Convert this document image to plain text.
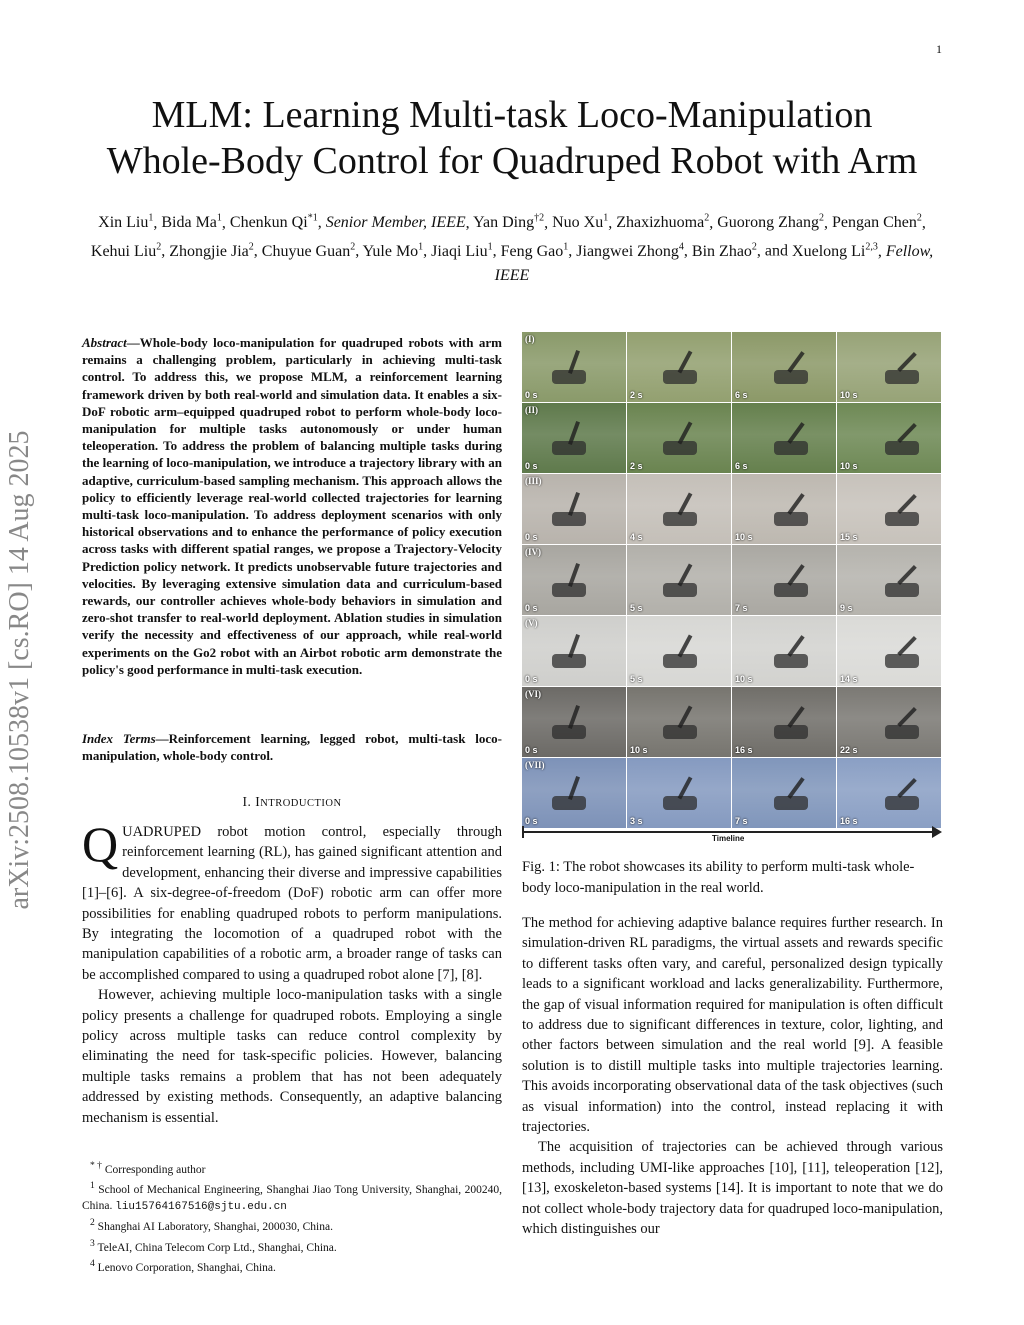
1
MLM: Learning Multi-task Loco-Manipulation
Whole-Body Control for Quadruped Robot with Arm
Xin Liu$^1$, Bida Ma$^1$, Chenkun Qi$^{*1}$, Senior Member, IEEE, Yan Ding$^{\dagger 2}$, Nuo Xu$^1$, Zhaxizhuoma$^2$, Guorong Zhang$^2$, Pengan Chen$^2$, Kehui Liu$^2$, Zhongjie Jia$^2$, Chuyue Guan$^2$, Yule Mo$^1$, Jiaqi Liu$^1$, Feng Gao$^1$, Jiangwei Zhong$^4$, Bin Zhao$^2$, and Xuelong Li$^{2,3}$, Fellow, IEEE
arXiv:2508.10538v1 [cs.RO] 14 Aug 2025
Abstract—Whole-body loco-manipulation for quadruped robots with arm remains a challenging problem, particularly in achieving multi-task control. To address this, we propose MLM, a reinforcement learning framework driven by both real-world and simulation data. It enables a six-DoF robotic arm–equipped quadruped robot to perform whole-body loco-manipulation for multiple tasks autonomously or under human teleoperation. To address the problem of balancing multiple tasks during the learning of loco-manipulation, we introduce a trajectory library with an adaptive, curriculum-based sampling mechanism. This approach allows the policy to efficiently leverage real-world collected trajectories for learning multi-task loco-manipulation. To address deployment scenarios with only historical observations and to enhance the performance of policy execution across tasks with different spatial ranges, we propose a Trajectory-Velocity Prediction policy network. It predicts unobservable future trajectories and velocities. By leveraging extensive simulation data and curriculum-based rewards, our controller achieves whole-body behaviors in simulation and zero-shot transfer to real-world deployment. Ablation studies in simulation verify the necessity and effectiveness of our approach, while real-world experiments on the Go2 robot with an Airbot robotic arm demonstrate the policy's good performance in multi-task execution.
Index Terms—Reinforcement learning, legged robot, multi-task loco-manipulation, whole-body control.
I. INTRODUCTION

QUADRUPED robot motion control, especially through reinforcement learning (RL), has gained significant attention and development, enhancing their diverse and impressive capabilities [1]–[6]. A six-degree-of-freedom (DoF) robotic arm can offer more possibilities for enabling quadruped robots to perform manipulations. By integrating the locomotion of a quadruped robot with the manipulation capabilities of a robotic arm, a broader range of tasks can be accomplished compared to using a quadruped robot alone [7], [8].

However, achieving multiple loco-manipulation tasks with a single policy presents a challenge for quadruped robots. Employing a single policy across multiple tasks can reduce control complexity by eliminating the need for task-specific policies. However, balancing multiple tasks remains a problem that has not been adequately addressed by existing methods. Consequently, an adaptive balancing mechanism is essential.

* † Corresponding author
$^1$ School of Mechanical Engineering, Shanghai Jiao Tong University, Shanghai, 200240, China. liu15764167516@sjtu.edu.cn
$^2$ Shanghai AI Laboratory, Shanghai, 200030, China.
$^3$ TeleAI, China Telecom Corp Ltd., Shanghai, China.
$^4$ Lenovo Corporation, Shanghai, China.
(I)
0 s	2 s	6 s	10 s
(II)
0 s	2 s	6 s	10 s
(III)
0 s	4 s	10 s	15 s
(IV)
0 s	5 s	7 s	9 s
(V)
0 s	5 s	10 s	14 s
(VI)
0 s	10 s	16 s	22 s
(VII)
0 s	3 s	7 s	16 s
Timeline
Fig. 1: The robot showcases its ability to perform multi-task whole-body loco-manipulation in the real world.

The method for achieving adaptive balance requires further research. In simulation-driven RL paradigms, the virtual assets and rewards specific to different tasks often vary, and careful, personalized design typically leads to a significant workload and lacks generalizability. Furthermore, the gap of visual information required for manipulation is often difficult to address due to significant differences in texture, color, lighting, and other factors between simulation and the real world [9]. A feasible solution is to distill multiple tasks into multiple trajectories learning. This avoids incorporating observational data of the task objectives (such as visual information) into the control, instead replacing it with trajectories.

The acquisition of trajectories can be achieved through various methods, including UMI-like approaches [10], [11], teleoperation [12], [13], exoskeleton-based systems [14]. It is important to note that we do not collect whole-body trajectory data for quadruped loco-manipulation, which distinguishes our
